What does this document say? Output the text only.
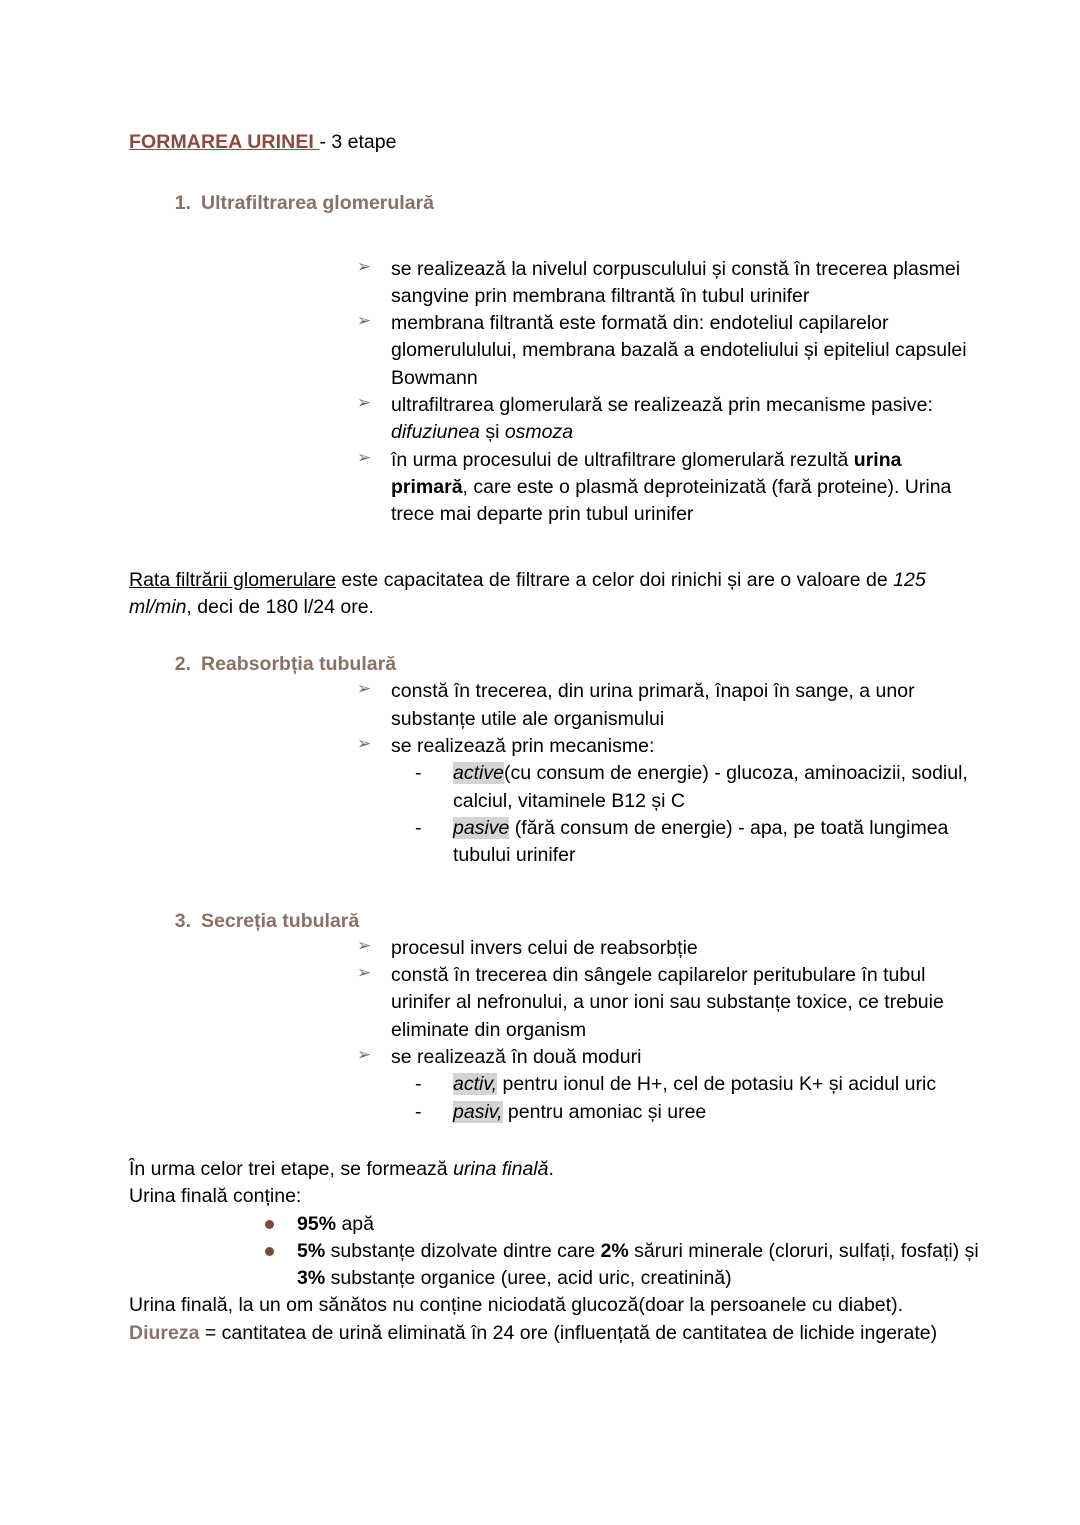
FORMAREA URINEI - 3 etape
1. Ultrafiltrarea glomerulară
➢ se realizează la nivelul corpusculului și constă în trecerea plasmei sangvine prin membrana filtrantă în tubul urinifer
➢ membrana filtrantă este formată din: endoteliul capilarelor glomerululului, membrana bazală a endoteliului și epiteliul capsulei Bowmann
➢ ultrafiltrarea glomerulară se realizează prin mecanisme pasive: difuziunea și osmoza
➢ în urma procesului de ultrafiltrare glomerulară rezultă urina primară, care este o plasmă deproteinizată (fară proteine). Urina trece mai departe prin tubul urinifer

Rata filtrării glomerulare este capacitatea de filtrare a celor doi rinichi și are o valoare de 125 ml/min, deci de 180 l/24 ore.

2. Reabsorbția tubulară
➢ constă în trecerea, din urina primară, înapoi în sange, a unor substanțe utile ale organismului
➢ se realizează prin mecanisme:
- active(cu consum de energie) - glucoza, aminoacizii, sodiul, calciul, vitaminele B12 și C
- pasive (fără consum de energie) - apa, pe toată lungimea tubului urinifer
3. Secreția tubulară
➢ procesul invers celui de reabsorbție
➢ constă în trecerea din sângele capilarelor peritubulare în tubul urinifer al nefronului, a unor ioni sau substanțe toxice, ce trebuie eliminate din organism
➢ se realizează în două moduri
- activ, pentru ionul de H+, cel de potasiu K+ și acidul uric
- pasiv, pentru amoniac și uree

În urma celor trei etape, se formează urina finală.

Urina finală conține:

95% apă
5% substanțe dizolvate dintre care 2% săruri minerale (cloruri, sulfați, fosfați) și 3% substanțe organice (uree, acid uric, creatinină)

Urina finală, la un om sănătos nu conține niciodată glucoză(doar la persoanele cu diabet).

Diureza = cantitatea de urină eliminată în 24 ore (influențată de cantitatea de lichide ingerate)
